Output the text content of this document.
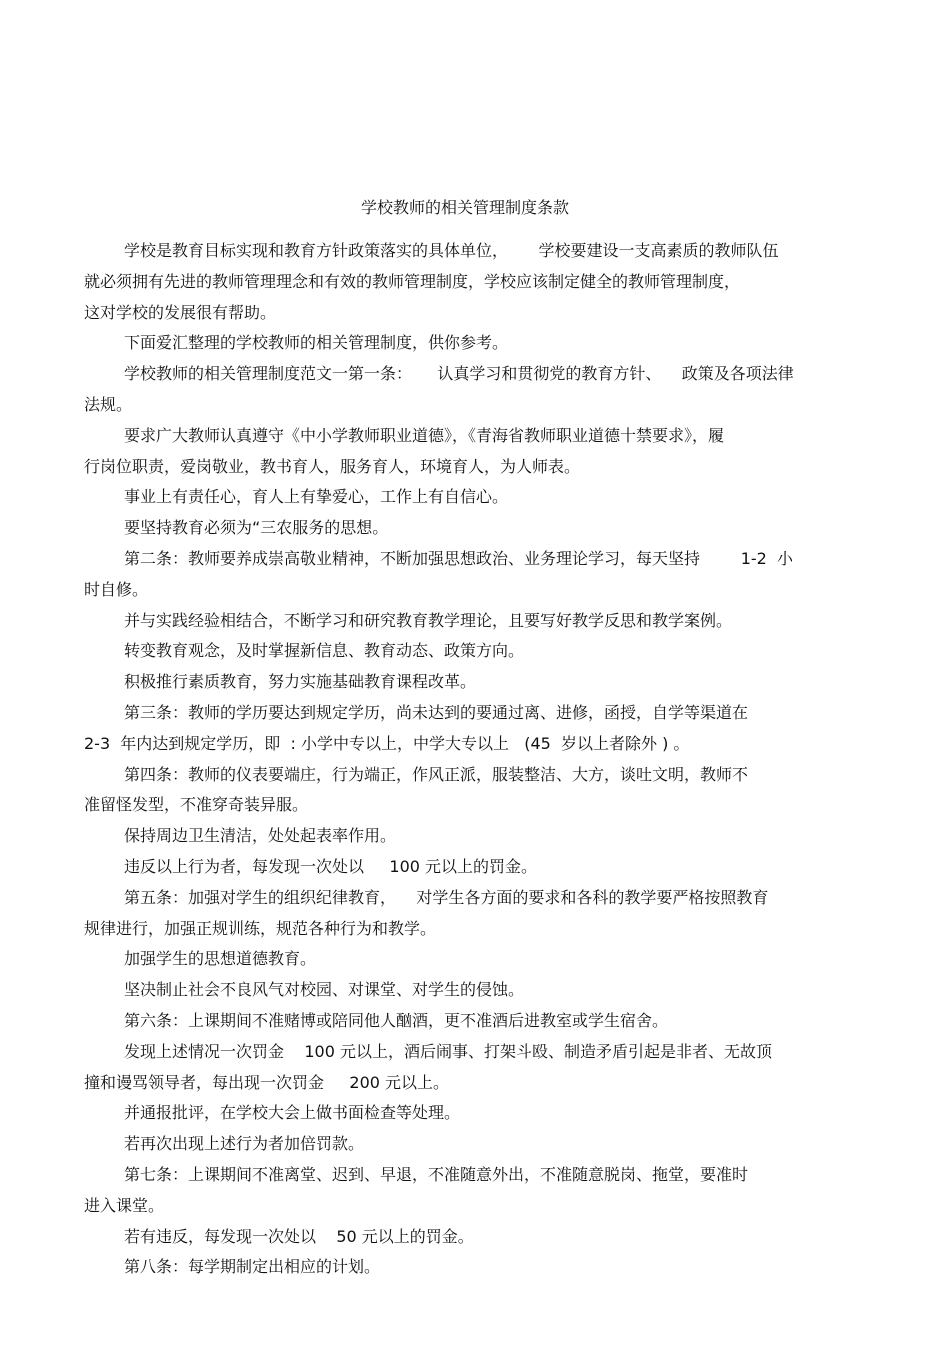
学校教师的相关管理制度条款
学校是教育目标实现和教育方针政策落实的具体单位，      学校要建设一支高素质的教师队伍
就必须拥有先进的教师管理理念和有效的教师管理制度，学校应该制定健全的教师管理制度，
这对学校的发展很有帮助。
下面爱汇整理的学校教师的相关管理制度，供你参考。
学校教师的相关管理制度范文一第一条：     认真学习和贯彻党的教育方针、    政策及各项法律
法规。
要求广大教师认真遵守《中小学教师职业道德》，《青海省教师职业道德十禁要求》，履
行岗位职责，爱岗敬业，教书育人，服务育人，环境育人，为人师表。
事业上有责任心，育人上有挚爱心，工作上有自信心。
要坚持教育必须为“三农服务的思想。
第二条：教师要养成崇高敬业精神，不断加强思想政治、业务理论学习，每天坚持        1-2  小
时自修。
并与实践经验相结合，不断学习和研究教育教学理论，且要写好教学反思和教学案例。
转变教育观念，及时掌握新信息、教育动态、政策方向。
积极推行素质教育，努力实施基础教育课程改革。
第三条：教师的学历要达到规定学历，尚未达到的要通过离、进修，函授，自学等渠道在
2-3  年内达到规定学历，即  : 小学中专以上，中学大专以上   (45  岁以上者除外 ) 。
第四条：教师的仪表要端庄，行为端正，作风正派，服装整洁、大方，谈吐文明，教师不
准留怪发型，不准穿奇装异服。
保持周边卫生清洁，处处起表率作用。
违反以上行为者，每发现一次处以     100 元以上的罚金。
第五条：加强对学生的组织纪律教育，    对学生各方面的要求和各科的教学要严格按照教育
规律进行，加强正规训练，规范各种行为和教学。
加强学生的思想道德教育。
坚决制止社会不良风气对校园、对课堂、对学生的侵蚀。
第六条：上课期间不准赌博或陪同他人酗酒，更不准酒后进教室或学生宿舍。
发现上述情况一次罚金    100 元以上，酒后闹事、打架斗殴、制造矛盾引起是非者、无故顶
撞和谩骂领导者，每出现一次罚金     200 元以上。
并通报批评，在学校大会上做书面检查等处理。
若再次出现上述行为者加倍罚款。
第七条：上课期间不准离堂、迟到、早退，不准随意外出，不准随意脱岗、拖堂，要准时
进入课堂。
若有违反，每发现一次处以    50 元以上的罚金。
第八条：每学期制定出相应的计划。
